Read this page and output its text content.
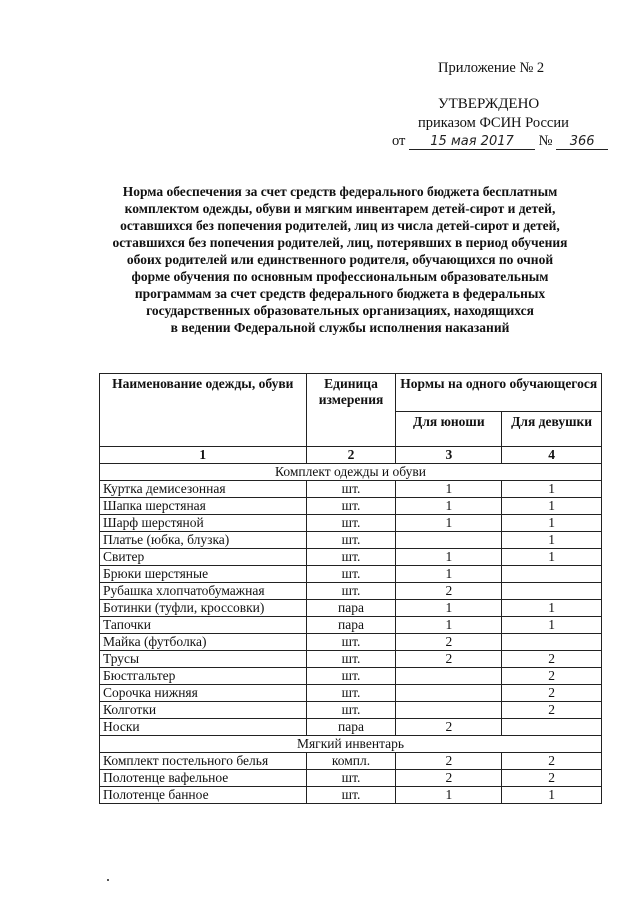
Приложение № 2
УТВЕРЖДЕНО
приказом ФСИН России
от 15 мая 2017 № 366
Норма обеспечения за счет средств федерального бюджета бесплатным
комплектом одежды, обуви и мягким инвентарем детей-сирот и детей,
оставшихся без попечения родителей, лиц из числа детей-сирот и детей,
оставшихся без попечения родителей, лиц, потерявших в период обучения
обоих родителей или единственного родителя, обучающихся по очной
форме обучения по основным профессиональным образовательным
программам за счет средств федерального бюджета в федеральных
государственных образовательных организациях, находящихся
в ведении Федеральной службы исполнения наказаний
Наименование одежды, обуви	Единица измерения	Нормы на одного обучающегося	
		Для юноши	Для девушки
1	2	3	4
Комплект одежды и обуви			
Куртка демисезонная	шт.	1	1
Шапка шерстяная	шт.	1	1
Шарф шерстяной	шт.	1	1
Платье (юбка, блузка)	шт.		1
Свитер	шт.	1	1
Брюки шерстяные	шт.	1	
Рубашка хлопчатобумажная	шт.	2	
Ботинки (туфли, кроссовки)	пара	1	1
Тапочки	пара	1	1
Майка (футболка)	шт.	2	
Трусы	шт.	2	2
Бюстгальтер	шт.		2
Сорочка нижняя	шт.		2
Колготки	шт.		2
Носки	пара	2	
Мягкий инвентарь			
Комплект постельного белья	компл.	2	2
Полотенце вафельное	шт.	2	2
Полотенце банное	шт.	1	1
